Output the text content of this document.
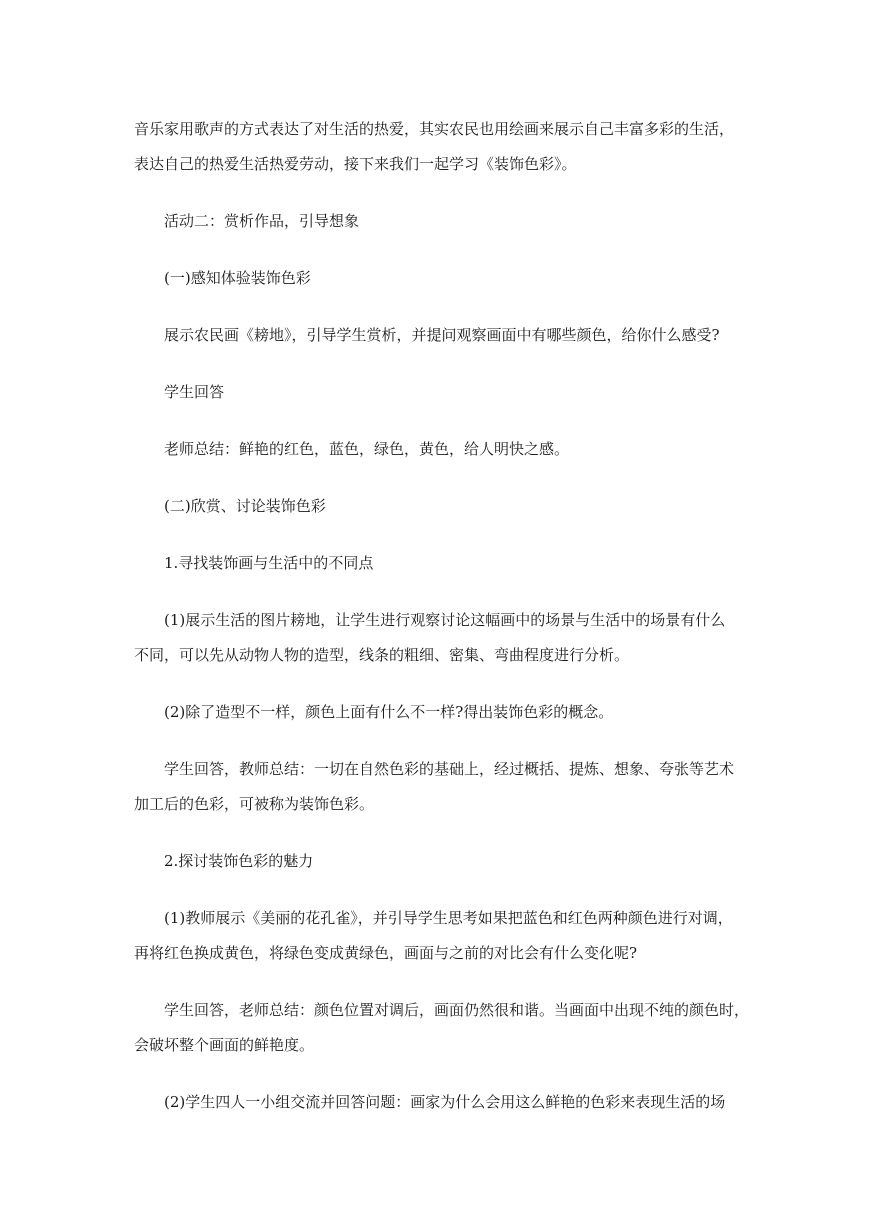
音乐家用歌声的方式表达了对生活的热爱，其实农民也用绘画来展示自己丰富多彩的生活，
表达自己的热爱生活热爱劳动，接下来我们一起学习《装饰色彩》。

活动二：赏析作品，引导想象

(一)感知体验装饰色彩

展示农民画《耪地》，引导学生赏析，并提问观察画面中有哪些颜色，给你什么感受?

学生回答

老师总结：鲜艳的红色，蓝色，绿色，黄色，给人明快之感。

(二)欣赏、讨论装饰色彩

1.寻找装饰画与生活中的不同点

(1)展示生活的图片耪地，让学生进行观察讨论这幅画中的场景与生活中的场景有什么
不同，可以先从动物人物的造型，线条的粗细、密集、弯曲程度进行分析。

(2)除了造型不一样，颜色上面有什么不一样?得出装饰色彩的概念。

学生回答，教师总结：一切在自然色彩的基础上，经过概括、提炼、想象、夸张等艺术
加工后的色彩，可被称为装饰色彩。

2.探讨装饰色彩的魅力

(1)教师展示《美丽的花孔雀》，并引导学生思考如果把蓝色和红色两种颜色进行对调，
再将红色换成黄色，将绿色变成黄绿色，画面与之前的对比会有什么变化呢?

学生回答，老师总结：颜色位置对调后，画面仍然很和谐。当画面中出现不纯的颜色时，
会破坏整个画面的鲜艳度。

(2)学生四人一小组交流并回答问题：画家为什么会用这么鲜艳的色彩来表现生活的场
